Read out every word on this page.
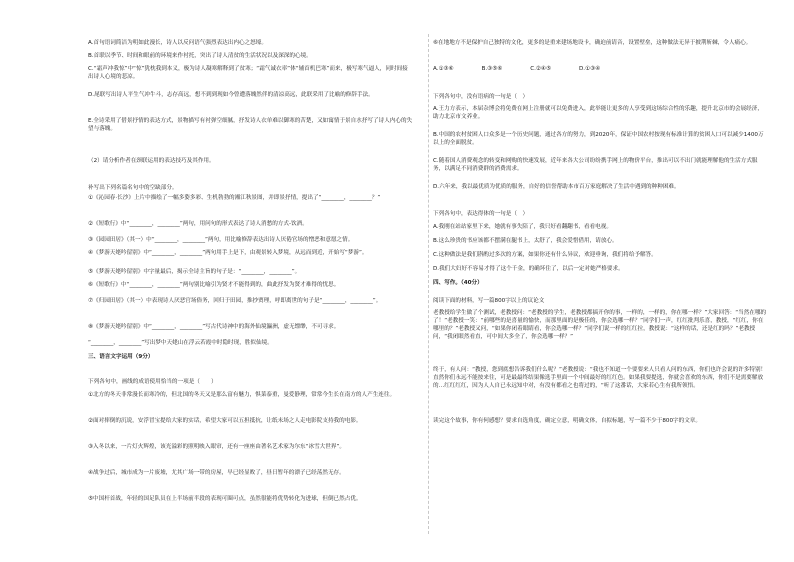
A.首句语词简洁为明如此漫长，诗人以反问语气强烈表达出内心之怒壕。
B.首联以季节、时间和眼前的环境来作衬托，突出了诗人清贫的生活状况以及深深的心境。
C.“霜声冲我惊”中“惊”犹枕我到本义，极为诗人凝寒解释到了贫寒；“霜气诚衣率”体“辅首机巴寒”而来，极写寒气逼人，同时间接出诗人心境的悲凉。
D.尾联写出诗人平生气冲牛斗，志存高远，想不到到现如今曾遭落魄然伴的清凉高远，此联采用了比喻的修辞手法。
E.全诗采用了借景抒情的表达方式，景物描写有衬弹空细腻，抒发诗人衣单难以御寒的苦楚，又如寓情于景自水抒写了诗人内心的失望与落魄。
（2）请分析作者在颈联运用的表达技巧及其作用。
补写出下列名篇名句中的空缺部分。
①《沁园春·长沙》上片中描绘了一幅多姿多彩、生机勃勃的湘江秋景图，并即景抒情，提出了“________，________？”
②《短歌行》中“________，________”两句，用问句的形式表达了诗人消愁的方式-饮酒。
③《园园田居》（其一）中“________，________”两句，用比喻修辞表达出诗人厌倦官场的憎恶和意愿之情。
④《梦游天姥吟留别》中“________，________”两句用手上是下，由观景转入梦境，从远而到近，开始写“梦游”。
⑤《梦游天姥吟留别》中字量最后，揭示全诗主旨的句子是：“________，________”。
⑥《短歌行》中“________，________”两句别比喻引为贤才不能得到的，曲此抒发为贤才难得的忧思。
⑦《归园田居》（其一）中表现诗人厌恶官场俗务，回归于田园，推抄贾理，呼即离世的句子是“________，________”。
⑧《梦游天姥吟留别》中“________，________”写古代诗神中的海外仙境瀛洲，虚无缥缈，不可寻求。
“________，________”写出梦中天姥山在浮云若霞中时隐时现，胜似仙境。
三、语言文字运用（9分）
下列各句中，画线的成语使用恰当的一项是（　　）
①北方的冬天非常漫长而寒冷的，但北国的冬天又是那么富有魅力，惧菜泰重，曼爱静理，常常今生长在南方的人产生连往。
②面对摔倒的沉说，安浮冒宝提给大家的实话，希望大家可以五担抵抗，让纸未场之人走电影院支持我的电影。
③入冬以来，一片灯火辉煌，该光溢彩的照明映入眼帘，还有一座座由著名艺术家为尔东“冰雪大世界”。
④战争过后，城市成为一片废墟，尤其广场一带的房屋，早已经显败了，昼日暂年的漂子已经荡然无存。
⑤中国杆首战，年轻的国足队员在上半场前半段的表现可圈可点，虽然很能将优势转化为进球，但倒已然占优。
⑥在地地方不是保护自己独特的文化，更多的是重来建场地设卡，确迫前请音，设置壁垒，这种做法无异于披荆斩棘，令人痛心。
A.①③⑥	B.③⑤⑥	C.②④⑤	D.①③④
下列各句中，没有语病的一句是（　）
A.王力方表示，本届杂博会将免费在网上注册就可以免费进入，此举能让更多的人享受到这场综合性的乐趣，提升北京市的会展经济，助力北京市文养业。
B.中国的农村贫困人口众多是一个历史问题，通过各方的努力，到2020年，保证中国农村按现有标准计算的贫困人口可以减少1400万以上的全面脱贫。
C.随着国人消费观念的转变和网购的快速发展，近年来各大公司纷纷携手网上的物价平台，推出可以不出门就能理解他的生活方式服务，以满足不同消费群的消费需求。
D.六年来，我以最优质为优质的服务，自好的信誉帮助本市百万家庭解决了生活中遇到的种种困难。
下列各句中，表达得体的一句是（　）
A.我刚在站站家里下来，她就有事失陪了，我只好看翻翻书，看看电视。
B.这么珍贵的书应该都不摆满在腿书上，太舒了，我会爱惜借用，请放心。
C.这种做法是我们斟酌过多次的方案，如果你还有什么异议，欢迎垂询，我们将给予解答。
D.我们大妇好不容易才得了这个千金，的确坏住了，以后一定对她严格要求。
四、写作。（40分）
阅读下面的材料，写一篇800字以上的议论文
老教授给学生做了个测试，老教授问：“老教授的学生，老教授都搞开你的事，一样的，一样的，你在哪一样？”大家回答：“当然在哪的了！”老教授一笑：“前哪些的是喜量的愉快，而那里面的是极佳的，你会选哪一样？”同学们一声，红红批判乐喜，教授，“红红，你在哪里的？”老教授又问，“如果你闭着眼睛看，你会选哪一样？”同学们说一样的红红拉，教授说：“这样的话，还是红的吗？”老教授问，“我闭眼然看直，可中间大多全了，你会选哪一样？”
终于，有人问：“教授，您到底想告诉我们什么呢？”老教授说：“我也不知道一个要要来人只看人问的东西，你们也许会说的许多特别！直然你们永远不能按来往，可是最最终结果像选手里面一个中间最好的红红色。如果我要提选，你就会喜欢的东西，你们不是需要解放的…红红红红，因为人人自已永远知中对，有没有都看之也将过的，“听了这番话，大家若心生有我所领悟。
读完这个故事，你有何感想？要求自选角度，确定立意，明确文体，自拟标题，写一篇不少于800字的文章。
